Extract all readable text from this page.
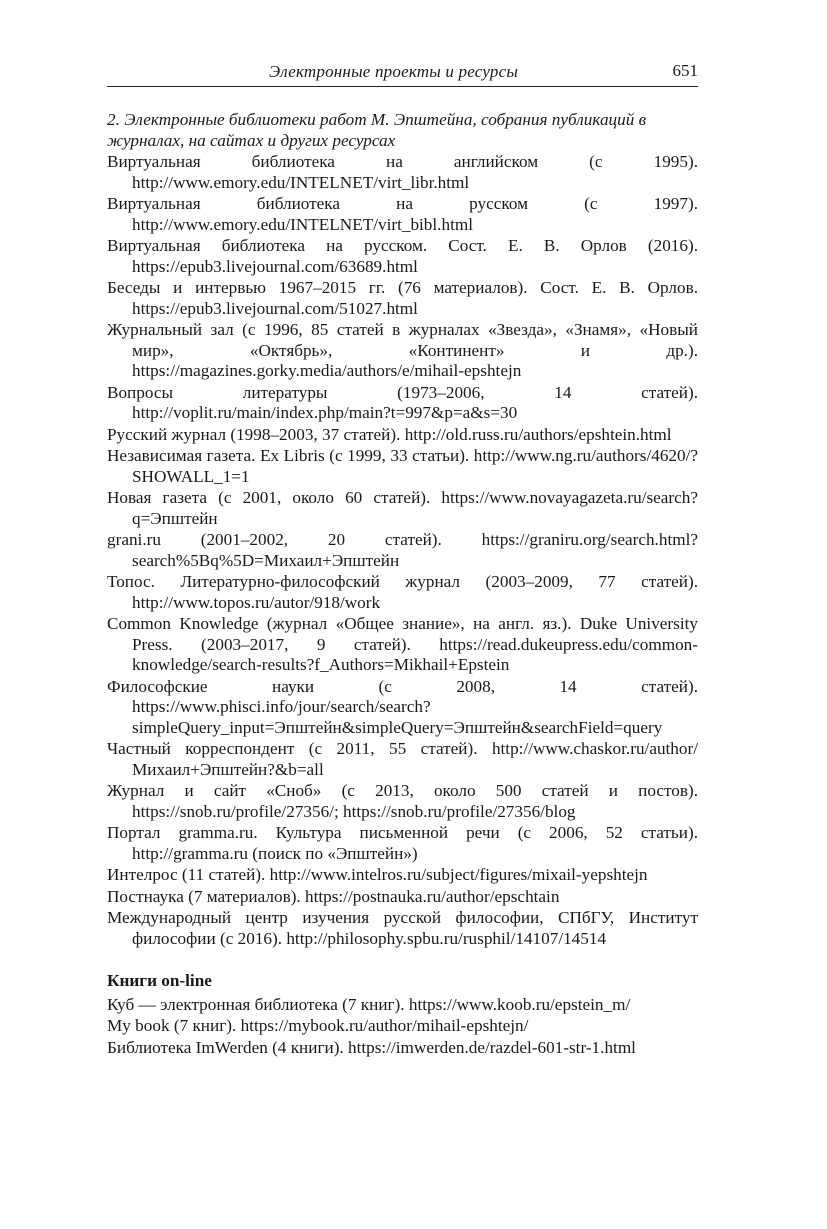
Электронные проекты и ресурсы	651
2. Электронные библиотеки работ М. Эпштейна, собрания публикаций в журналах, на сайтах и других ресурсах

Виртуальная библиотека на английском (с 1995). http://www.emory.edu/INTELNET/virt_libr.html

Виртуальная библиотека на русском (с 1997). http://www.emory.edu/INTELNET/virt_bibl.html

Виртуальная библиотека на русском. Сост. Е. В. Орлов (2016). https://epub3.livejournal.com/63689.html

Беседы и интервью 1967–2015 гг. (76 материалов). Сост. Е. В. Орлов. https://epub3.livejournal.com/51027.html

Журнальный зал (с 1996, 85 статей в журналах «Звезда», «Знамя», «Новый мир», «Октябрь», «Континент» и др.). https://magazines.gorky.media/authors/e/mihail-epshtejn

Вопросы литературы (1973–2006, 14 статей). http://voplit.ru/main/index.php/main?t=997&p=a&s=30

Русский журнал (1998–2003, 37 статей). http://old.russ.ru/authors/epshtein.html

Независимая газета. Ex Libris (с 1999, 33 статьи). http://www.ng.ru/authors/4620/?SHOWALL_1=1

Новая газета (с 2001, около 60 статей). https://www.novayagazeta.ru/search?q=Эпштейн

grani.ru (2001–2002, 20 статей). https://graniru.org/search.html?search%5Bq%5D=Михаил+Эпштейн

Топос. Литературно-философский журнал (2003–2009, 77 статей). http://www.topos.ru/autor/918/work

Common Knowledge (журнал «Общее знание», на англ. яз.). Duke University Press. (2003–2017, 9 статей). https://read.dukeupress.edu/common-knowledge/search-results?f_Authors=Mikhail+Epstein

Философские науки (с 2008, 14 статей). https://www.phisci.info/jour/search/search?simpleQuery_input=Эпштейн&simpleQuery=Эпштейн&searchField=query

Частный корреспондент (с 2011, 55 статей). http://www.chaskor.ru/author/Михаил+Эпштейн?&b=all

Журнал и сайт «Сноб» (с 2013, около 500 статей и постов). https://snob.ru/profile/27356/; https://snob.ru/profile/27356/blog

Портал gramma.ru. Культура письменной речи (с 2006, 52 статьи). http://gramma.ru (поиск по «Эпштейн»)

Интелрос (11 статей). http://www.intelros.ru/subject/figures/mixail-yepshtejn

Постнаука (7 материалов). https://postnauka.ru/author/epschtain

Международный центр изучения русской философии, СПбГУ, Институт философии (с 2016). http://philosophy.spbu.ru/rusphil/14107/14514

Книги on-line

Куб — электронная библиотека (7 книг). https://www.koob.ru/epstein_m/

My book (7 книг). https://mybook.ru/author/mihail-epshtejn/

Библиотека ImWerden (4 книги). https://imwerden.de/razdel-601-str-1.html
